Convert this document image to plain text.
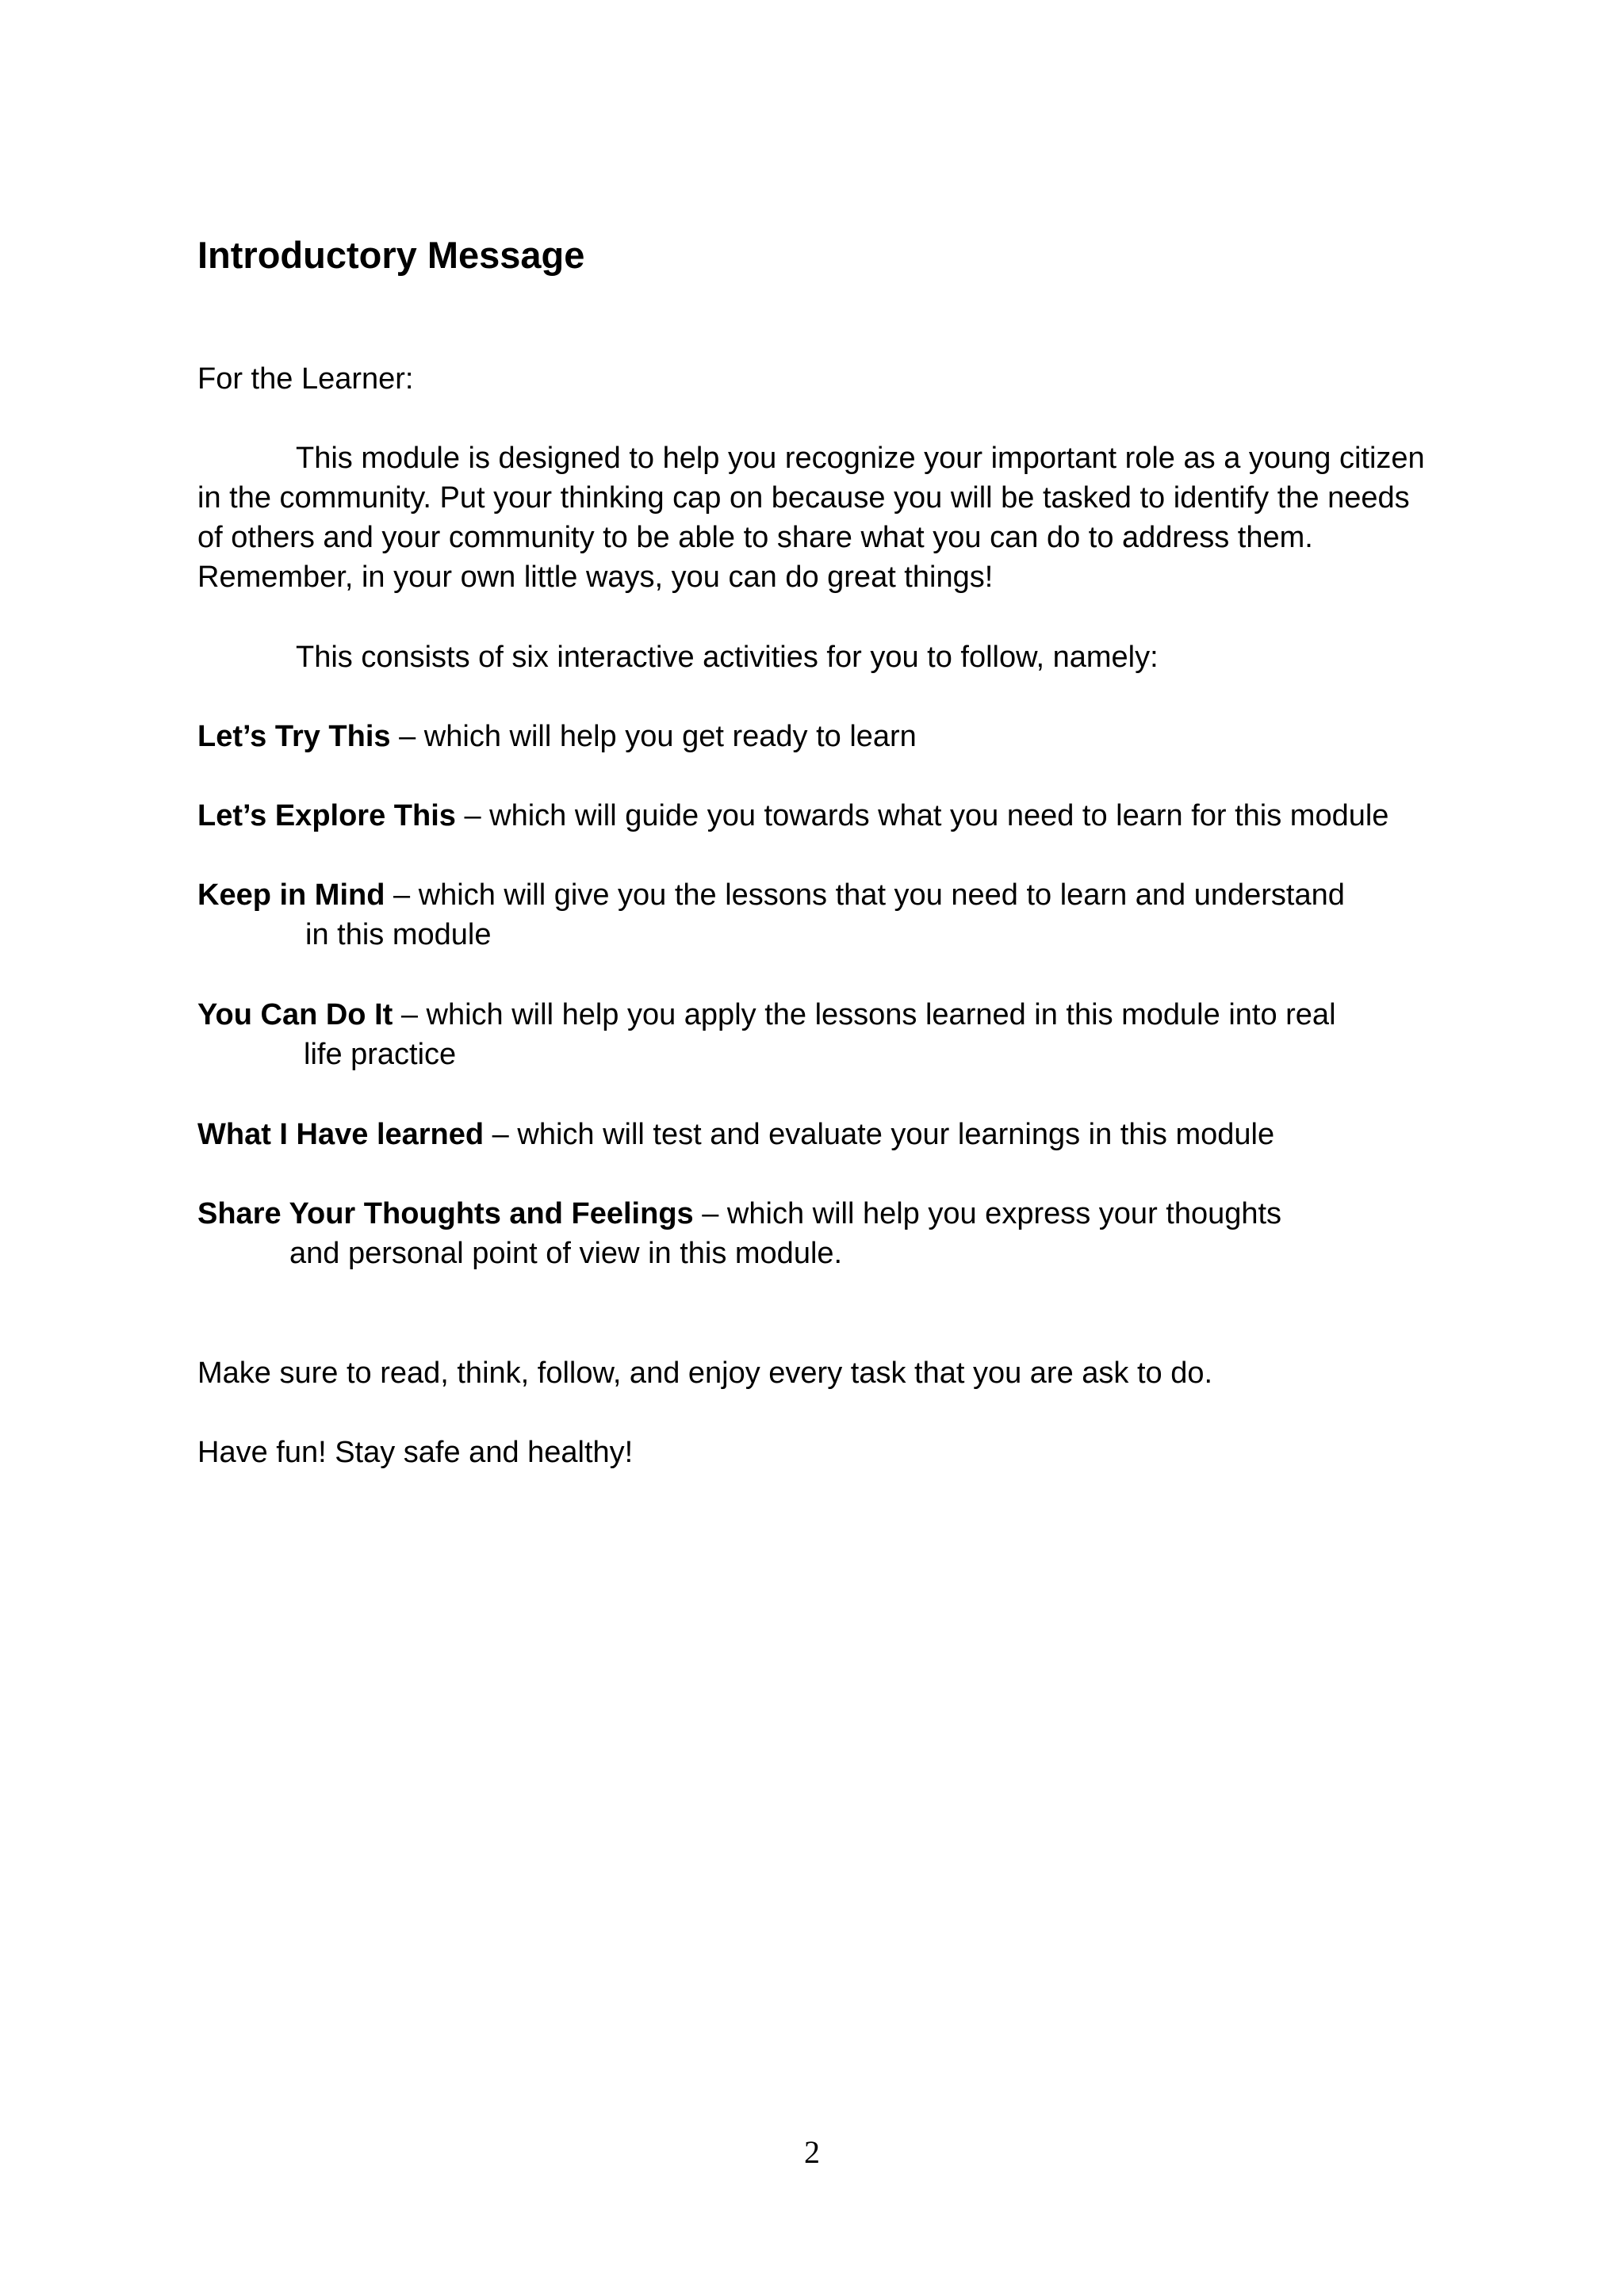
Introductory Message

For the Learner:

This module is designed to help you recognize your important role as a young citizen in the community. Put your thinking cap on because you will be tasked to identify the needs of others and your community to be able to share what you can do to address them. Remember, in your own little ways, you can do great things!

This consists of six interactive activities for you to follow, namely:

Let’s Try This – which will help you get ready to learn
Let’s Explore This – which will guide you towards what you need to learn for this module
Keep in Mind – which will give you the lessons that you need to learn and understand
in this module
You Can Do It – which will help you apply the lessons learned in this module into real
life practice
What I Have learned – which will test and evaluate your learnings in this module
Share Your Thoughts and Feelings – which will help you express your thoughts
and personal point of view in this module.

Make sure to read, think, follow, and enjoy every task that you are ask to do.

Have fun! Stay safe and healthy!

2
